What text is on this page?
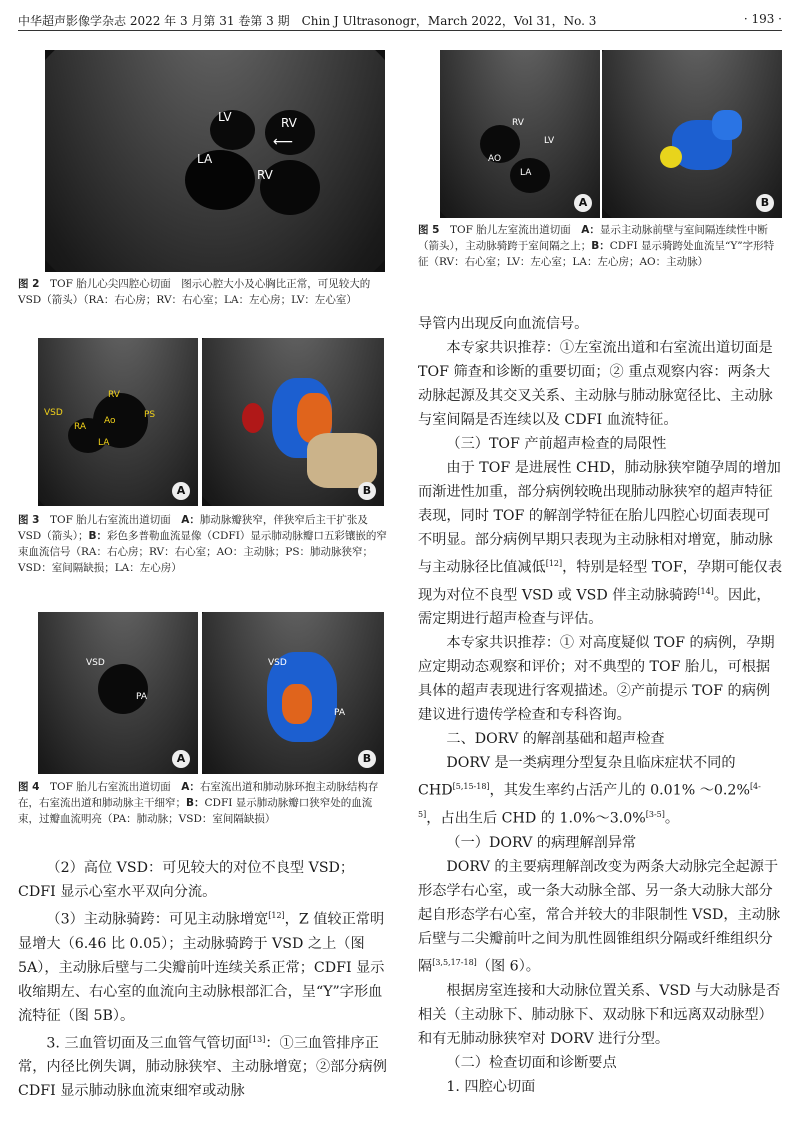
中华超声影像学杂志 2022 年 3 月第 31 卷第 3 期　Chin J Ultrasonogr，March 2022，Vol 31，No. 3	· 193 ·
LV	RV
LA
RV
⟵
图 2　 TOF 胎儿心尖四腔心切面　图示心腔大小及心胸比正常，可见较大的 VSD（箭头）（RA：右心房；RV：右心室；LA：左心房；LV：左心室）
RV
VSD
Ao
RA
LA
PS
A	B
图 3　 TOF 胎儿右室流出道切面　 A：肺动脉瓣狭窄，伴狭窄后主干扩张及 VSD（箭头）；B：彩色多普勒血流显像（CDFI）显示肺动脉瓣口五彩镶嵌的窄束血流信号（RA：右心房；RV：右心室；AO：主动脉；PS：肺动脉狭窄；VSD：室间隔缺损；LA：左心房）
VSD
PA
A
VSD
PA
B
图 4　 TOF 胎儿右室流出道切面　 A：右室流出道和肺动脉环抱主动脉结构存在，右室流出道和肺动脉主干细窄；B：CDFI 显示肺动脉瓣口狭窄处的血流束，过瓣血流明亮（PA：肺动脉；VSD：室间隔缺损）

（2）高位 VSD：可见较大的对位不良型 VSD；CDFI 显示心室水平双向分流。

（3）主动脉骑跨：可见主动脉增宽[12]，Z 值较正常明显增大（6.46 比 0.05）；主动脉骑跨于 VSD 之上（图 5A），主动脉后壁与二尖瓣前叶连续关系正常；CDFI 显示收缩期左、右心室的血流向主动脉根部汇合，呈“Y”字形血流特征（图 5B）。

3. 三血管切面及三血管气管切面[13]：①三血管排序正常，内径比例失调，肺动脉狭窄、主动脉增宽；②部分病例 CDFI 显示肺动脉血流束细窄或动脉

RV
LV
AO
LA
A	B
图 5　 TOF 胎儿左室流出道切面　 A：显示主动脉前壁与室间隔连续性中断（箭头），主动脉骑跨于室间隔之上；B：CDFI 显示骑跨处血流呈“Y”字形特征（RV：右心室；LV：左心室；LA：左心房；AO：主动脉）

导管内出现反向血流信号。

本专家共识推荐：①左室流出道和右室流出道切面是 TOF 筛查和诊断的重要切面；② 重点观察内容：两条大动脉起源及其交叉关系、主动脉与肺动脉宽径比、主动脉与室间隔是否连续以及 CDFI 血流特征。

（三）TOF 产前超声检查的局限性

由于 TOF 是进展性 CHD，肺动脉狭窄随孕周的增加而渐进性加重，部分病例较晚出现肺动脉狭窄的超声特征表现，同时 TOF 的解剖学特征在胎儿四腔心切面表现可不明显。部分病例早期只表现为主动脉相对增宽，肺动脉与主动脉径比值减低[12]，特别是轻型 TOF，孕期可能仅表现为对位不良型 VSD 或 VSD 伴主动脉骑跨[14]。因此，需定期进行超声检查与评估。

本专家共识推荐：① 对高度疑似 TOF 的病例，孕期应定期动态观察和评价；对不典型的 TOF 胎儿，可根据具体的超声表现进行客观描述。②产前提示 TOF 的病例建议进行遗传学检查和专科咨询。

二、DORV 的解剖基础和超声检查

DORV 是一类病理分型复杂且临床症状不同的 CHD[5,15-18]，其发生率约占活产儿的 0.01% ～0.2%[4-5]，占出生后 CHD 的 1.0%～3.0%[3-5]。

（一）DORV 的病理解剖异常

DORV 的主要病理解剖改变为两条大动脉完全起源于形态学右心室，或一条大动脉全部、另一条大动脉大部分起自形态学右心室，常合并较大的非限制性 VSD，主动脉后壁与二尖瓣前叶之间为肌性圆锥组织分隔或纤维组织分隔[3,5,17-18]（图 6）。

根据房室连接和大动脉位置关系、VSD 与大动脉是否相关（主动脉下、肺动脉下、双动脉下和远离双动脉型）和有无肺动脉狭窄对 DORV 进行分型。

（二）检查切面和诊断要点

1. 四腔心切面
